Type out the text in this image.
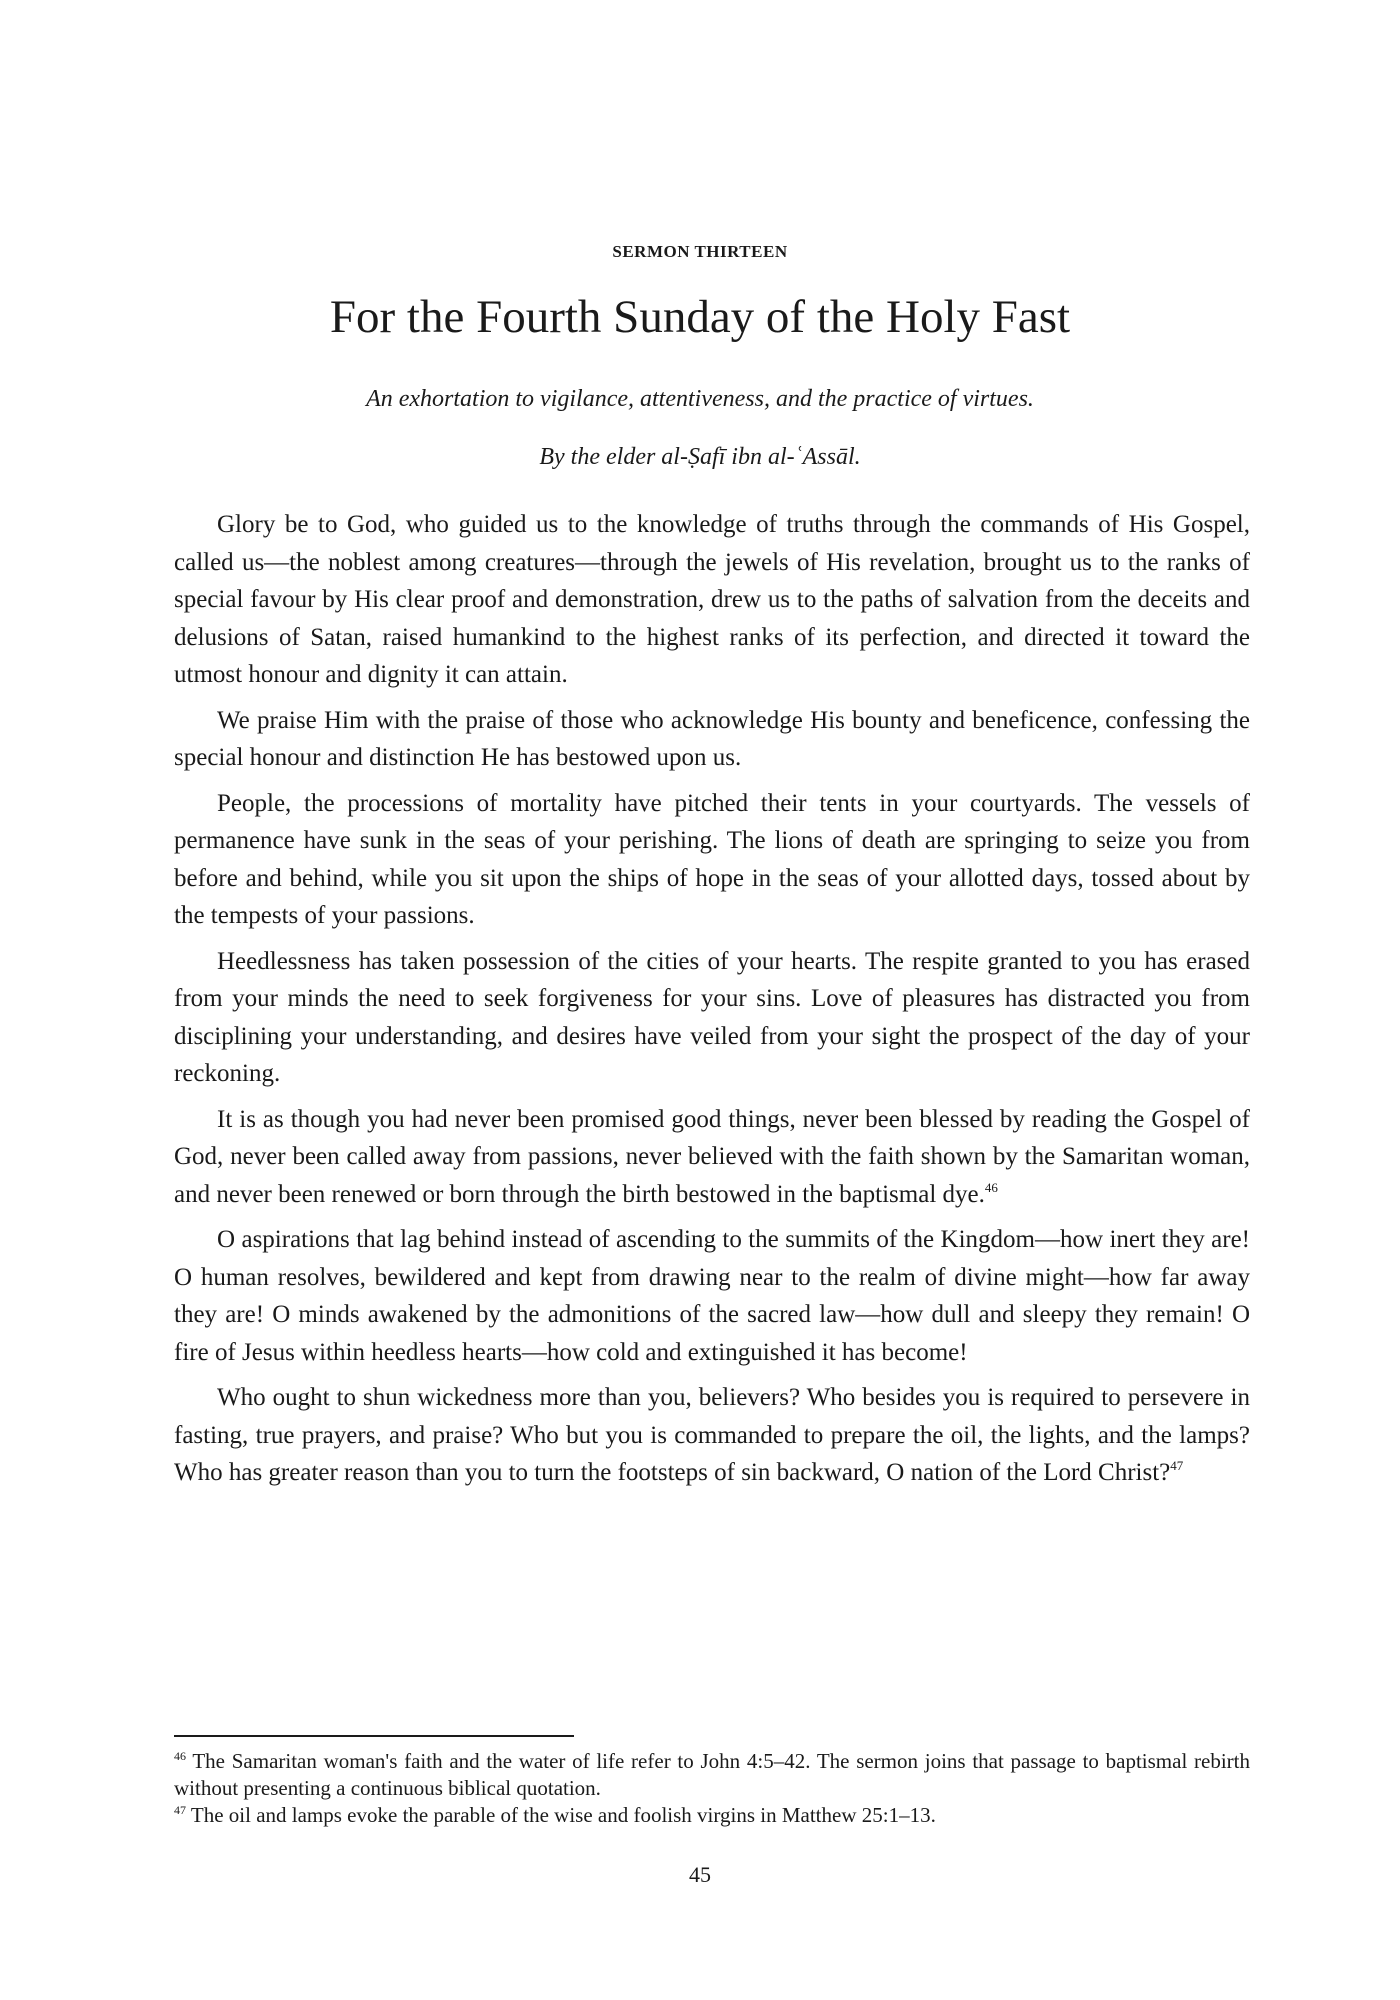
SERMON THIRTEEN
For the Fourth Sunday of the Holy Fast
An exhortation to vigilance, attentiveness, and the practice of virtues.
By the elder al-Ṣafī ibn al-ʿAssāl.

Glory be to God, who guided us to the knowledge of truths through the commands of His Gospel, called us—the noblest among creatures—through the jewels of His revelation, brought us to the ranks of special favour by His clear proof and demonstration, drew us to the paths of salvation from the deceits and delusions of Satan, raised humankind to the highest ranks of its perfection, and directed it toward the utmost honour and dignity it can attain.

We praise Him with the praise of those who acknowledge His bounty and beneficence, confessing the special honour and distinction He has bestowed upon us.

People, the processions of mortality have pitched their tents in your courtyards. The vessels of permanence have sunk in the seas of your perishing. The lions of death are springing to seize you from before and behind, while you sit upon the ships of hope in the seas of your allotted days, tossed about by the tempests of your passions.

Heedlessness has taken possession of the cities of your hearts. The respite granted to you has erased from your minds the need to seek forgiveness for your sins. Love of pleasures has distracted you from disciplining your understanding, and desires have veiled from your sight the prospect of the day of your reckoning.

It is as though you had never been promised good things, never been blessed by reading the Gospel of God, never been called away from passions, never believed with the faith shown by the Samaritan woman, and never been renewed or born through the birth bestowed in the baptismal dye.$^{46}$

O aspirations that lag behind instead of ascending to the summits of the Kingdom—how inert they are! O human resolves, bewildered and kept from drawing near to the realm of divine might—how far away they are! O minds awakened by the admonitions of the sacred law—how dull and sleepy they remain! O fire of Jesus within heedless hearts—how cold and extinguished it has become!

Who ought to shun wickedness more than you, believers? Who besides you is required to persevere in fasting, true prayers, and praise? Who but you is commanded to prepare the oil, the lights, and the lamps? Who has greater reason than you to turn the footsteps of sin backward, O nation of the Lord Christ?$^{47}$

$^{46}$ The Samaritan woman's faith and the water of life refer to John 4:5–42. The sermon joins that passage to baptismal rebirth without presenting a continuous biblical quotation.

$^{47}$ The oil and lamps evoke the parable of the wise and foolish virgins in Matthew 25:1–13.

45
